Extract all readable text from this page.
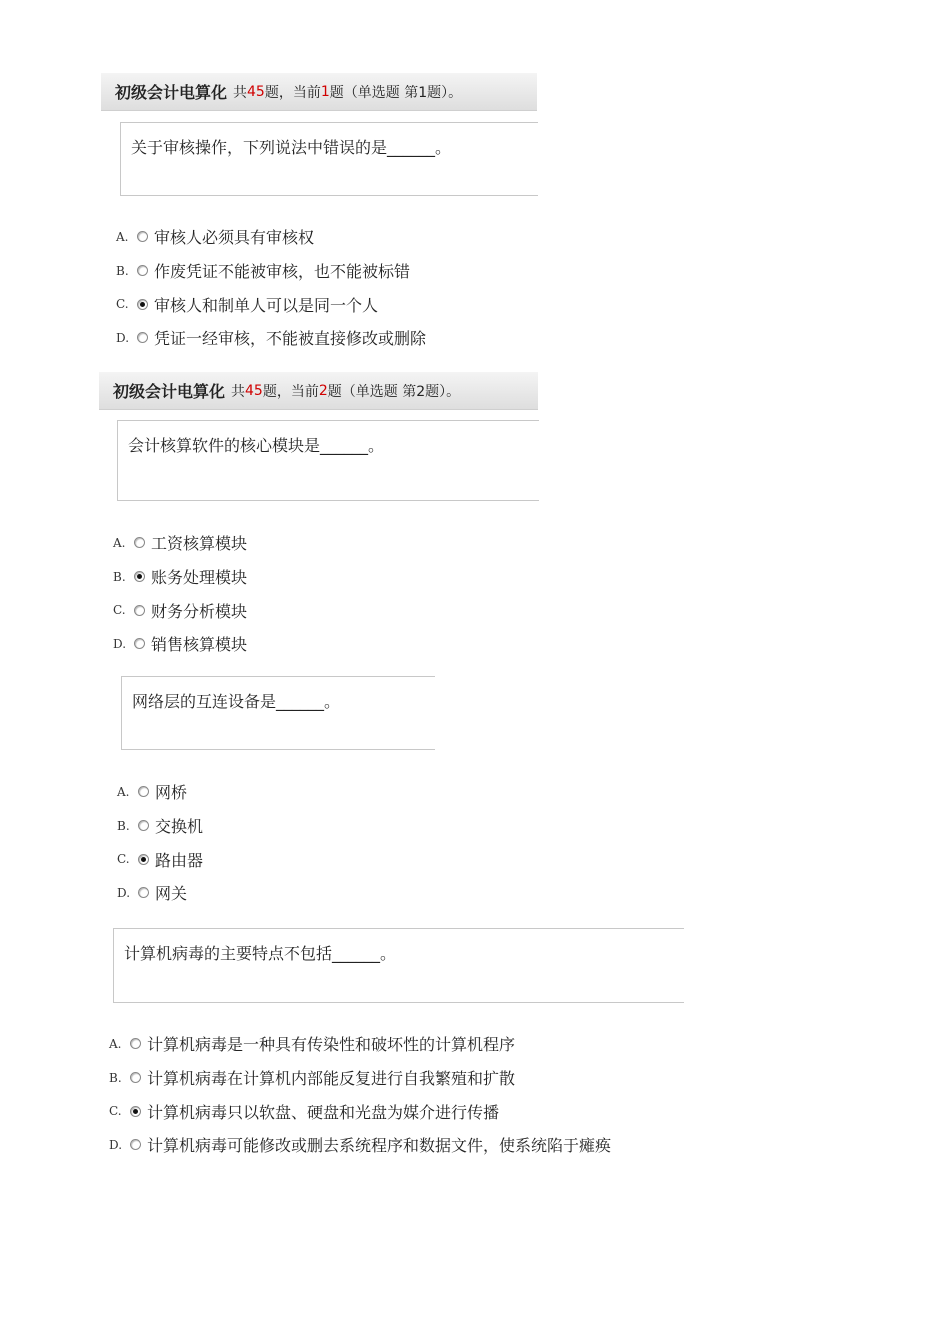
初级会计电算化 共 45 题，当前 1 题（单选题 第1题）。
关于审核操作，下列说法中错误的是______。
A.	审核人必须具有审核权
B.	作废凭证不能被审核，也不能被标错
C.	审核人和制单人可以是同一个人
D.	凭证一经审核，不能被直接修改或删除
初级会计电算化 共 45 题，当前 2 题（单选题 第2题）。
会计核算软件的核心模块是______。
A.	工资核算模块
B.	账务处理模块
C.	财务分析模块
D.	销售核算模块
网络层的互连设备是______。
A.	网桥
B.	交换机
C.	路由器
D.	网关
计算机病毒的主要特点不包括______。
A.	计算机病毒是一种具有传染性和破坏性的计算机程序
B.	计算机病毒在计算机内部能反复进行自我繁殖和扩散
C.	计算机病毒只以软盘、硬盘和光盘为媒介进行传播
D.	计算机病毒可能修改或删去系统程序和数据文件，使系统陷于瘫痪
